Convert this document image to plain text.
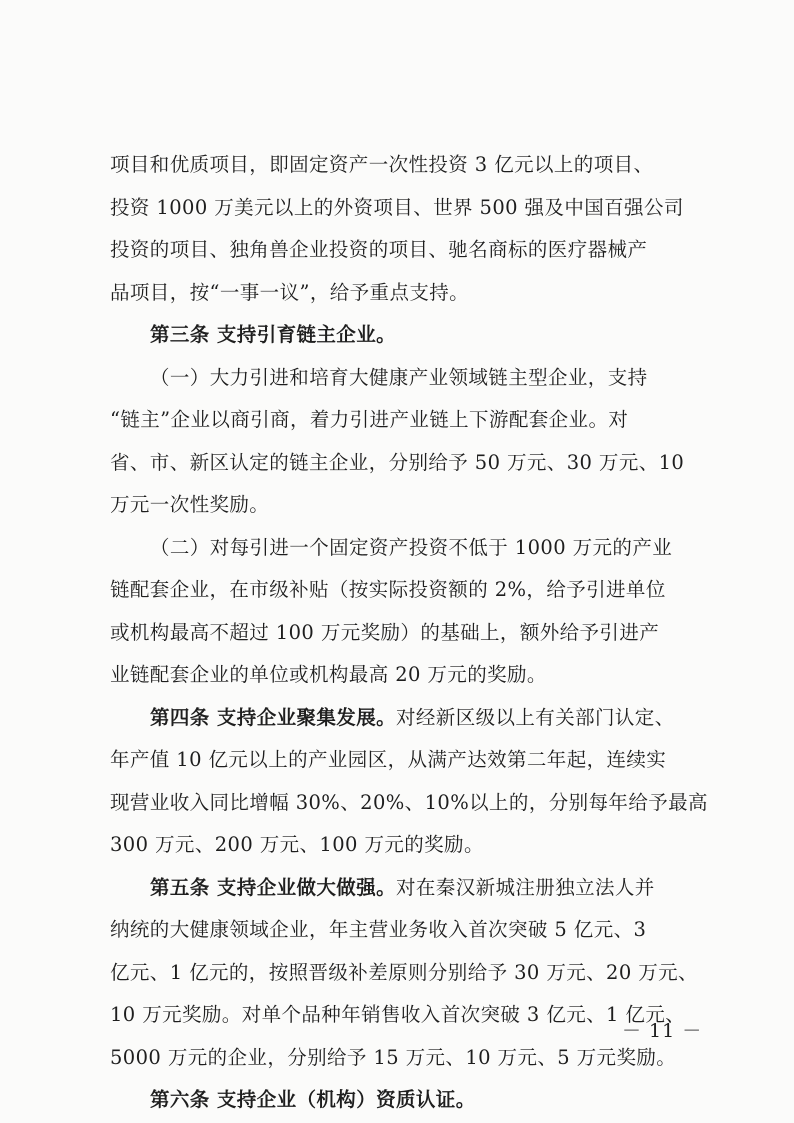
项目和优质项目，即固定资产一次性投资 3 亿元以上的项目、
投资 1000 万美元以上的外资项目、世界 500 强及中国百强公司
投资的项目、独角兽企业投资的项目、驰名商标的医疗器械产
品项目，按“一事一议”，给予重点支持。
第三条 支持引育链主企业。
（一）大力引进和培育大健康产业领域链主型企业，支持
“链主”企业以商引商，着力引进产业链上下游配套企业。对
省、市、新区认定的链主企业，分别给予 50 万元、30 万元、10
万元一次性奖励。
（二）对每引进一个固定资产投资不低于 1000 万元的产业
链配套企业，在市级补贴（按实际投资额的 2%，给予引进单位
或机构最高不超过 100 万元奖励）的基础上，额外给予引进产
业链配套企业的单位或机构最高 20 万元的奖励。
第四条 支持企业聚集发展。对经新区级以上有关部门认定、
年产值 10 亿元以上的产业园区，从满产达效第二年起，连续实
现营业收入同比增幅 30%、20%、10%以上的，分别每年给予最高
300 万元、200 万元、100 万元的奖励。
第五条 支持企业做大做强。对在秦汉新城注册独立法人并
纳统的大健康领域企业，年主营业务收入首次突破 5 亿元、3
亿元、1 亿元的，按照晋级补差原则分别给予 30 万元、20 万元、
10 万元奖励。对单个品种年销售收入首次突破 3 亿元、1 亿元、
5000 万元的企业，分别给予 15 万元、10 万元、5 万元奖励。
第六条 支持企业（机构）资质认证。
－ 11 －
